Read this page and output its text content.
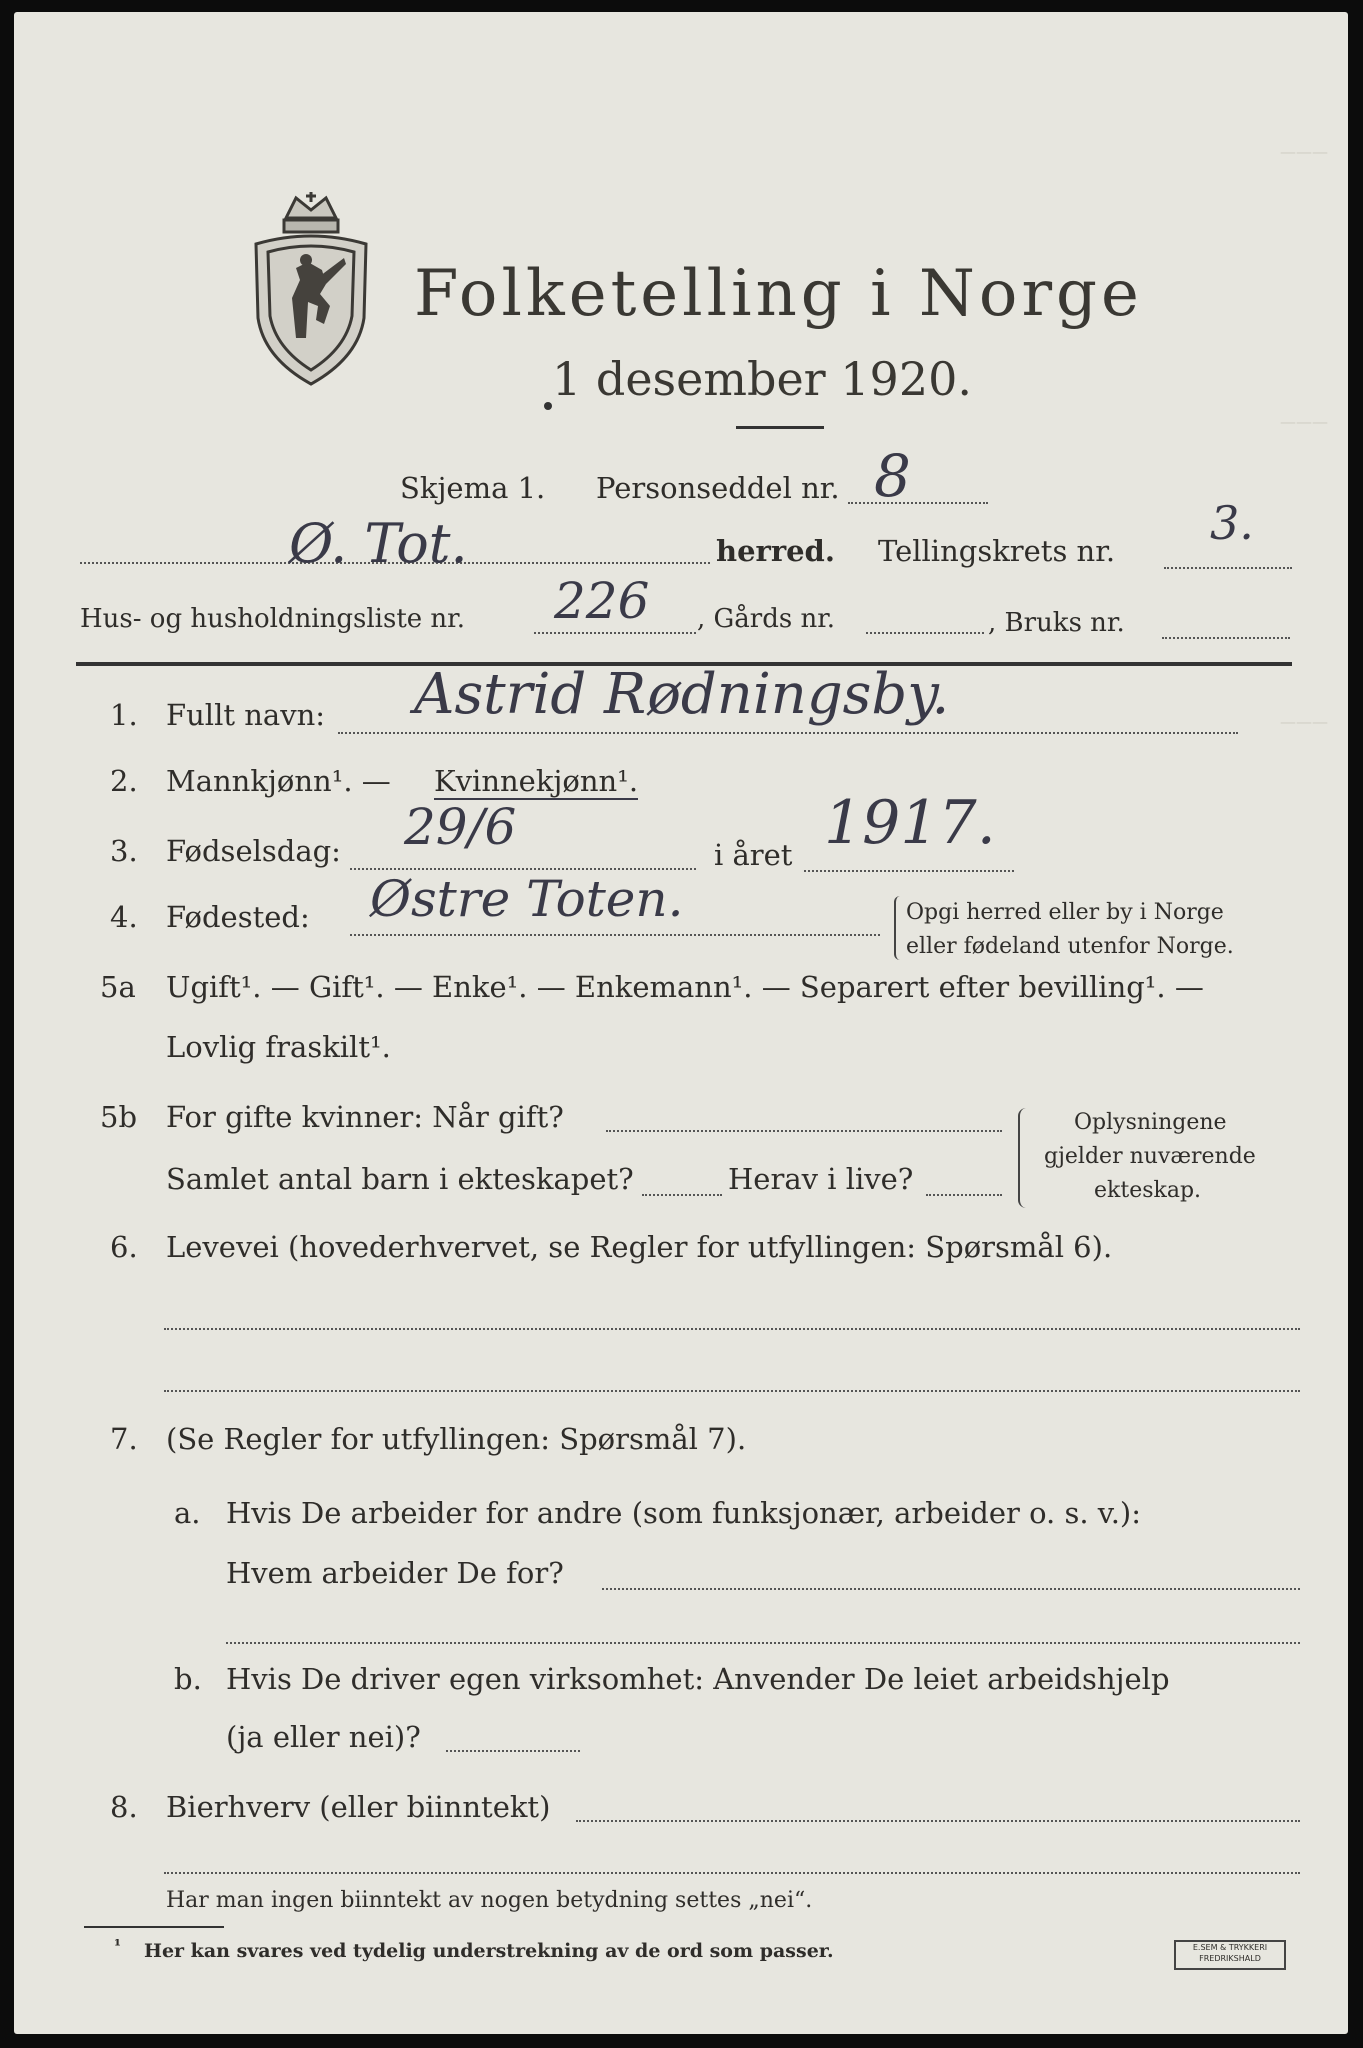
———
———
———
Folketelling i Norge
1 desember 1920.
Skjema 1. Personseddel nr. 8
Ø. Tot.	herred. Tellingskrets nr.
3.
Hus- og husholdningsliste nr. 226 , Gårds nr.	, Bruks nr.
1. Fullt navn: Astrid Rødningsby.
2. Mannkjønn¹. — Kvinnekjønn¹.
3. Fødselsdag: 29/6	i året 1917.
4. Fødested: Østre Toten.	Opgi herred eller by i Norge
eller fødeland utenfor Norge.
5a Ugift¹. — Gift¹. — Enke¹. — Enkemann¹. — Separert efter bevilling¹. —
Lovlig fraskilt¹.
5b For gifte kvinner: Når gift?
Samlet antal barn i ekteskapet?	Herav i live?
Oplysningene
gjelder nuværende
ekteskap.
6. Levevei (hovederhvervet, se Regler for utfyllingen: Spørsmål 6).
7. (Se Regler for utfyllingen: Spørsmål 7).
a. Hvis De arbeider for andre (som funksjonær, arbeider o. s. v.):
Hvem arbeider De for?
b. Hvis De driver egen virksomhet: Anvender De leiet arbeidshjelp
(ja eller nei)?
8. Bierhverv (eller biinntekt)
Har man ingen biinntekt av nogen betydning settes „nei“.
¹ Her kan svares ved tydelig understrekning av de ord som passer.	E.SEM & TRYKKERI
FREDRIKSHALD
